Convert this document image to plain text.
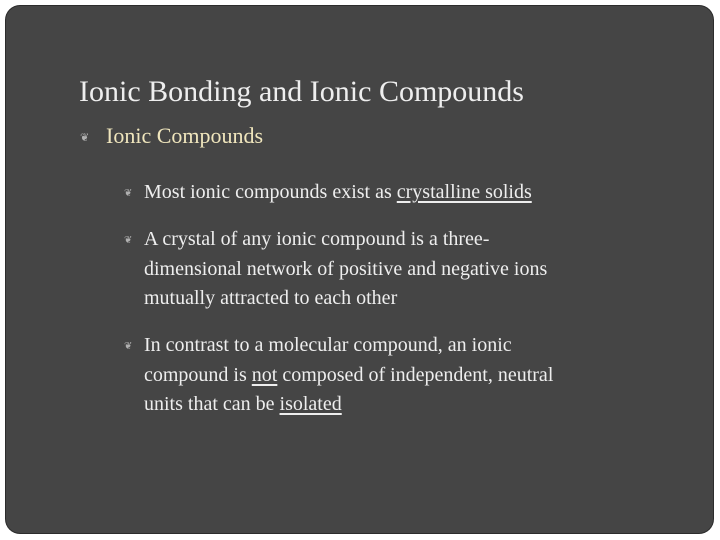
Ionic Bonding and Ionic Compounds
❦ Ionic Compounds
❦ Most ionic compounds exist as crystalline solids
❦ A crystal of any ionic compound is a three-
dimensional network of positive and negative ions
mutually attracted to each other
❦ In contrast to a molecular compound, an ionic
compound is not composed of independent, neutral
units that can be isolated
